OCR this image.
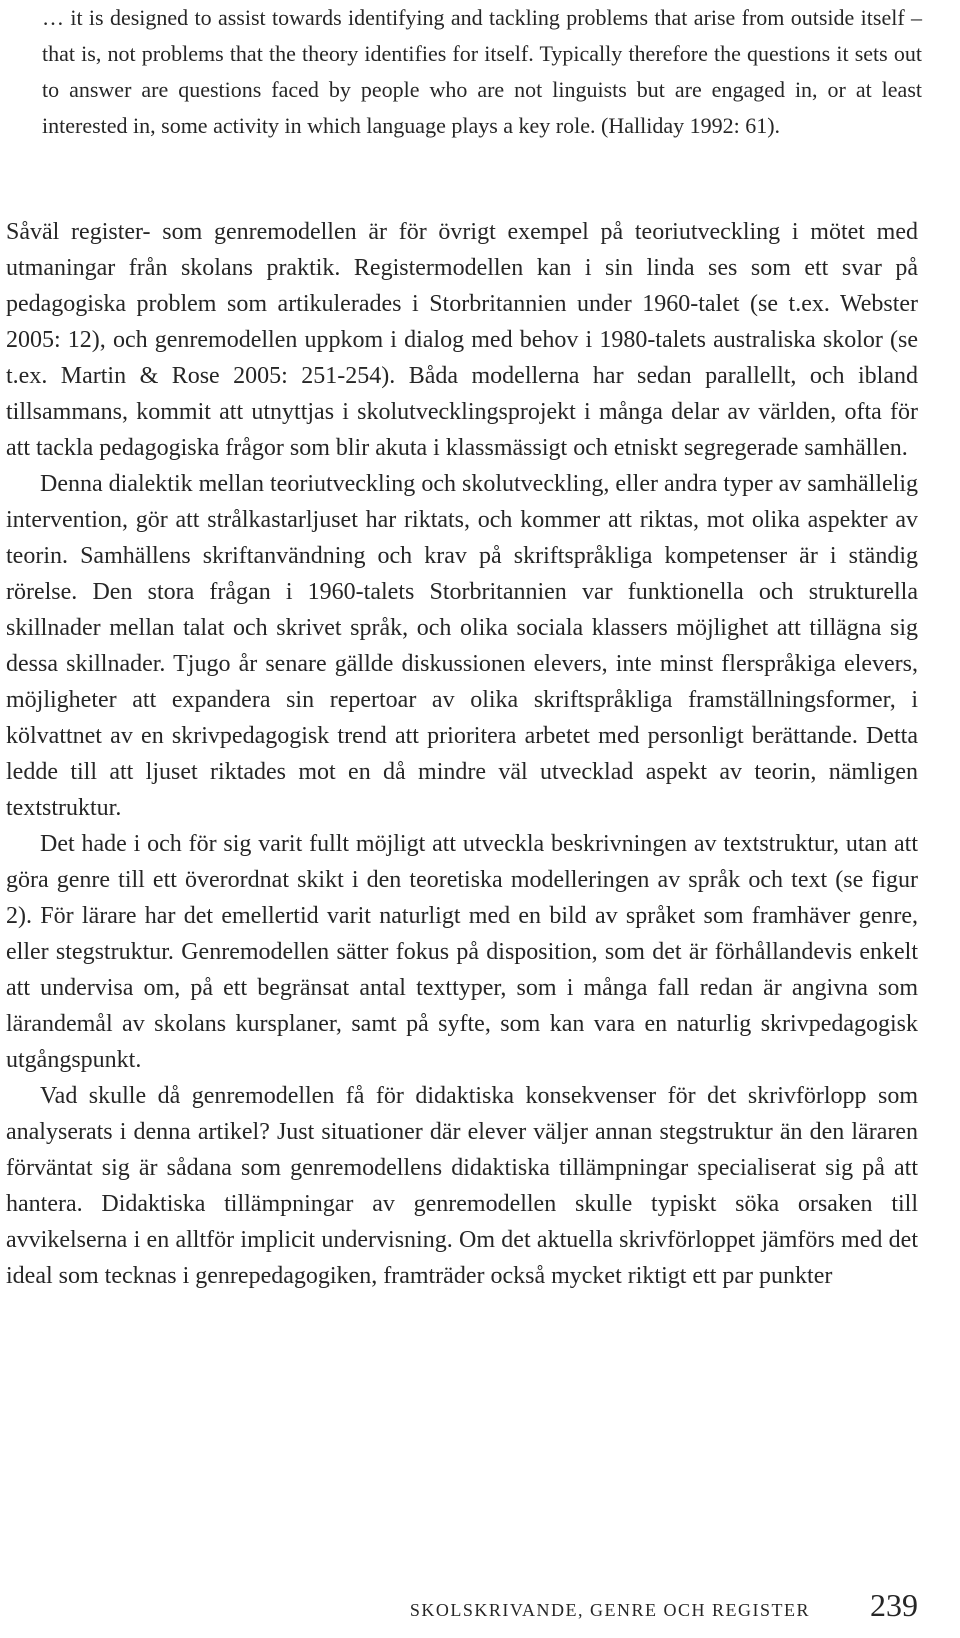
… it is designed to assist towards identifying and tackling problems that arise from outside itself – that is, not problems that the theory identifies for itself. Typically therefore the questions it sets out to answer are questions faced by people who are not linguists but are engaged in, or at least interested in, some activity in which language plays a key role. (Halliday 1992: 61).

Såväl register- som genremodellen är för övrigt exempel på teoriutveckling i mötet med utmaningar från skolans praktik. Registermodellen kan i sin linda ses som ett svar på pedagogiska problem som artikulerades i Storbritannien under 1960-talet (se t.ex. Webster 2005: 12), och genremodellen uppkom i dialog med behov i 1980-talets australiska skolor (se t.ex. Martin & Rose 2005: 251-254). Båda modellerna har sedan parallellt, och ibland tillsammans, kommit att utnyttjas i skolutvecklingsprojekt i många delar av världen, ofta för att tackla pedagogiska frågor som blir akuta i klassmässigt och etniskt segregerade samhällen.

Denna dialektik mellan teoriutveckling och skolutveckling, eller andra typer av samhällelig intervention, gör att strålkastarljuset har riktats, och kommer att riktas, mot olika aspekter av teorin. Samhällens skriftanvändning och krav på skriftspråkliga kompetenser är i ständig rörelse. Den stora frågan i 1960-talets Storbritannien var funktionella och strukturella skillnader mellan talat och skrivet språk, och olika sociala klassers möjlighet att tillägna sig dessa skillnader. Tjugo år senare gällde diskussionen elevers, inte minst flerspråkiga elevers, möjligheter att expandera sin repertoar av olika skriftspråkliga framställningsformer, i kölvattnet av en skrivpedagogisk trend att prioritera arbetet med personligt berättande. Detta ledde till att ljuset riktades mot en då mindre väl utvecklad aspekt av teorin, nämligen textstruktur.

Det hade i och för sig varit fullt möjligt att utveckla beskrivningen av textstruktur, utan att göra genre till ett överordnat skikt i den teoretiska modelleringen av språk och text (se figur 2). För lärare har det emellertid varit naturligt med en bild av språket som framhäver genre, eller stegstruktur. Genremodellen sätter fokus på disposition, som det är förhållandevis enkelt att undervisa om, på ett begränsat antal texttyper, som i många fall redan är angivna som lärandemål av skolans kursplaner, samt på syfte, som kan vara en naturlig skrivpedagogisk utgångspunkt.

Vad skulle då genremodellen få för didaktiska konsekvenser för det skrivförlopp som analyserats i denna artikel? Just situationer där elever väljer annan stegstruktur än den läraren förväntat sig är sådana som genremodellens didaktiska tillämpningar specialiserat sig på att hantera. Didaktiska tillämpningar av genremodellen skulle typiskt söka orsaken till avvikelserna i en alltför implicit undervisning. Om det aktuella skrivförloppet jämförs med det ideal som tecknas i genrepedagogiken, framträder också mycket riktigt ett par punkter

SKOLSKRIVANDE, GENRE OCH REGISTER 239
